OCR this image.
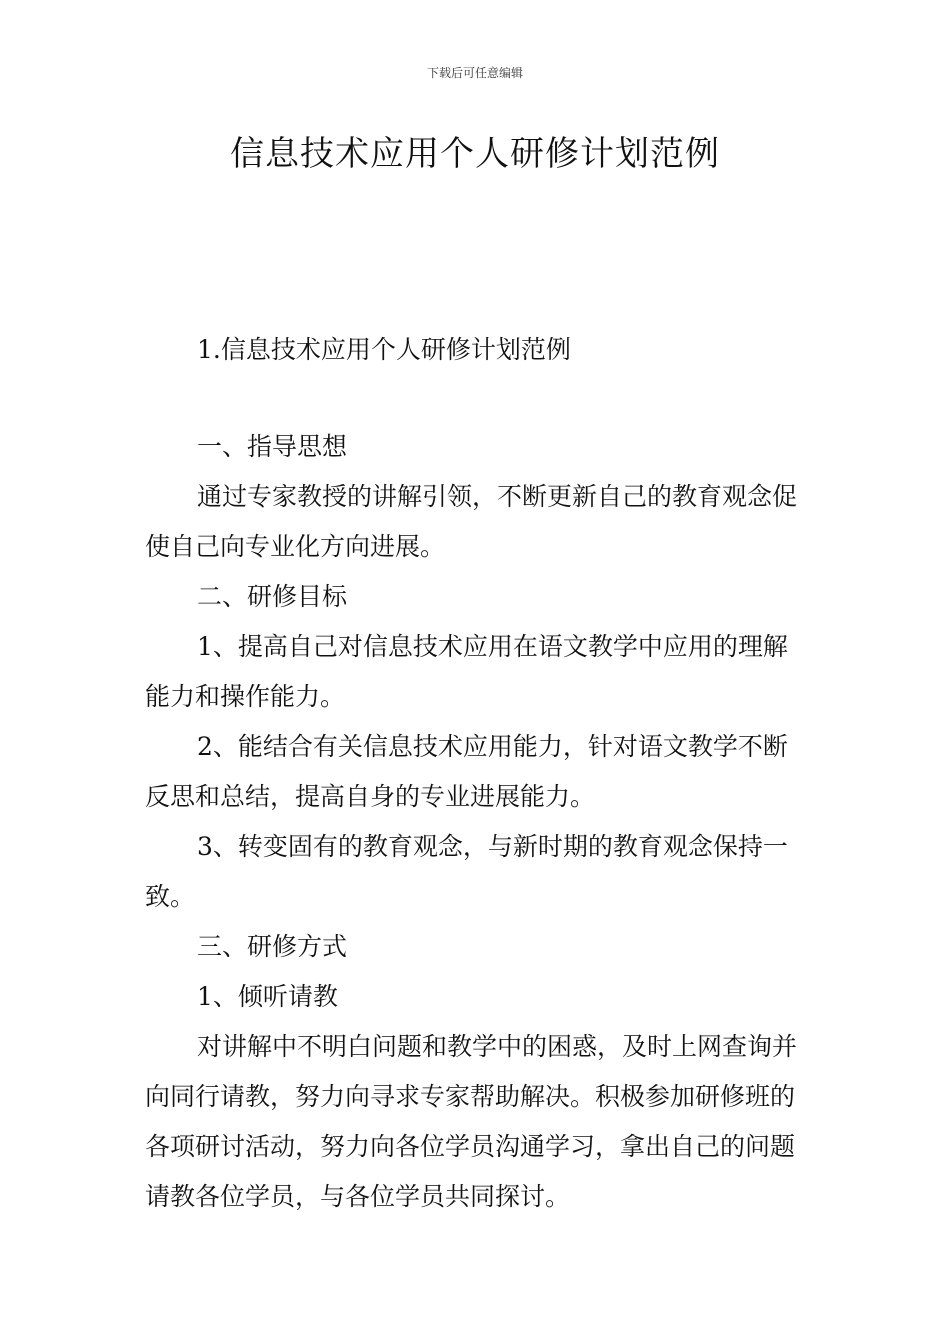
下载后可任意编辑
信息技术应用个人研修计划范例

1.信息技术应用个人研修计划范例

一、指导思想

通过专家教授的讲解引领，不断更新自己的教育观念促使自己向专业化方向进展。

二、研修目标

1、提高自己对信息技术应用在语文教学中应用的理解能力和操作能力。

2、能结合有关信息技术应用能力，针对语文教学不断反思和总结，提高自身的专业进展能力。

3、转变固有的教育观念，与新时期的教育观念保持一致。

三、研修方式

1、倾听请教

对讲解中不明白问题和教学中的困惑，及时上网查询并向同行请教，努力向寻求专家帮助解决。积极参加研修班的各项研讨活动，努力向各位学员沟通学习，拿出自己的问题请教各位学员，与各位学员共同探讨。
